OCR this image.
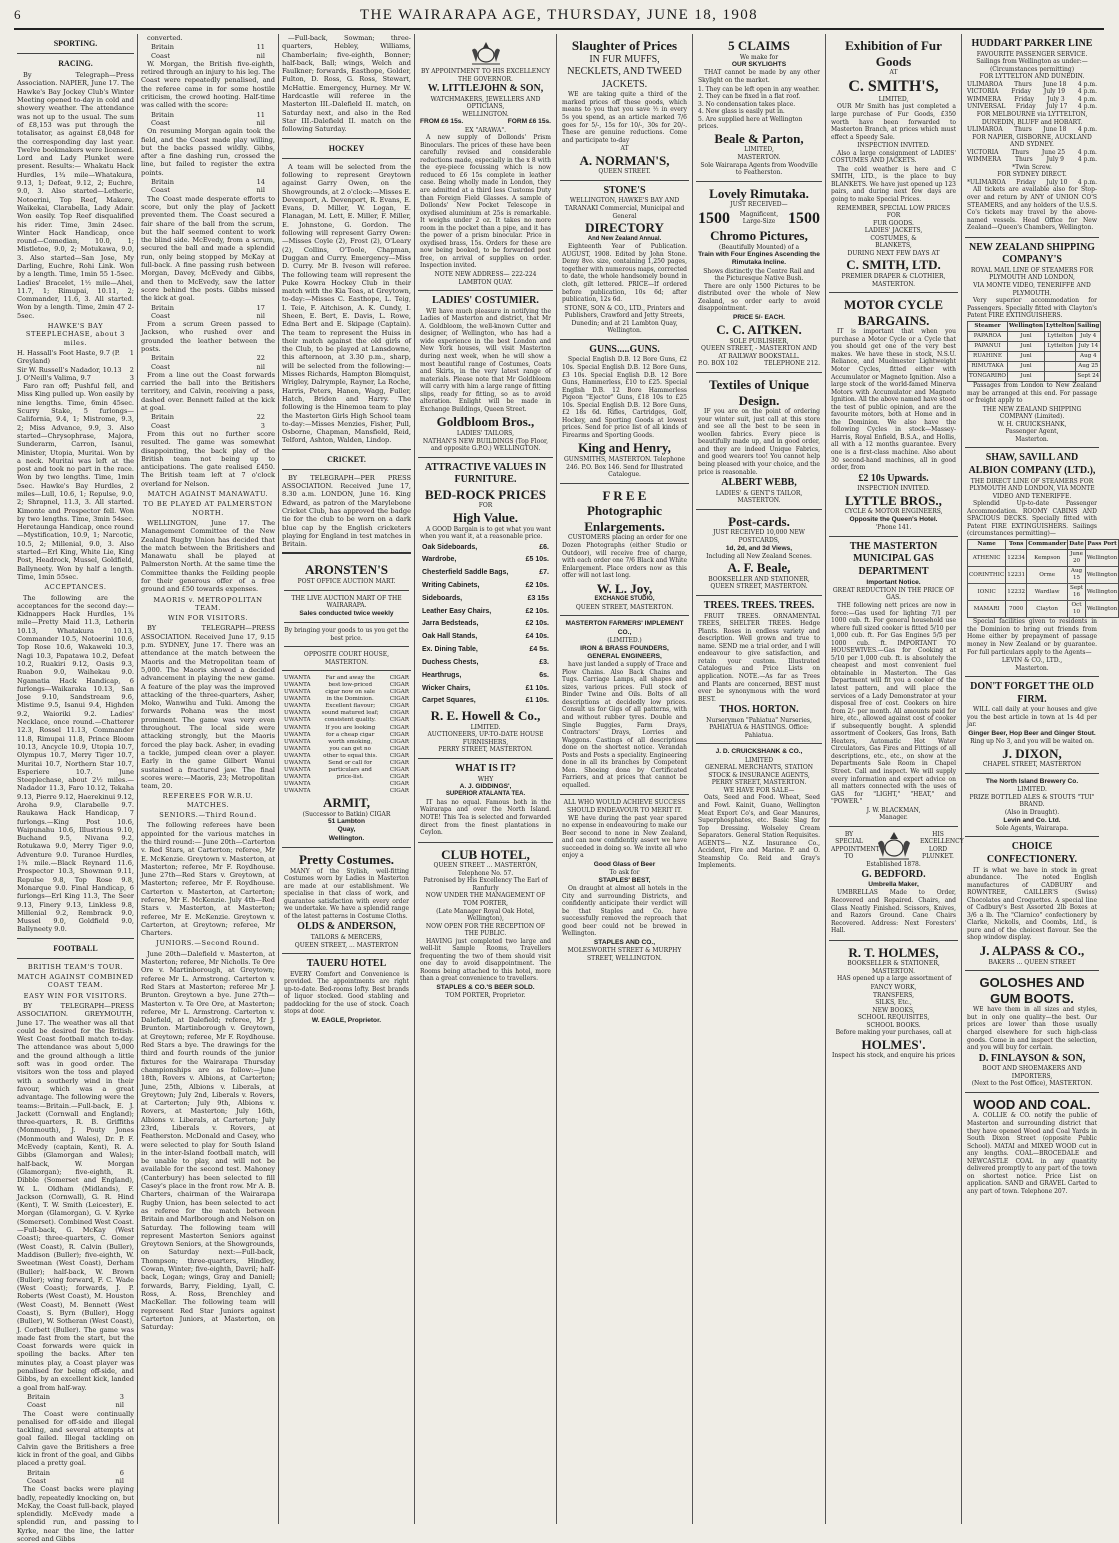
6	THE WAIRARAPA AGE, THURSDAY, JUNE 18, 1908
SPORTING.
RACING.
By Telegraph—Press Association. NAPIER, June 17. The Hawke's Bay Jockey Club's Winter Meeting opened to-day in cold and showery weather. The attendance was not up to the usual. The sum of £8,153 was put through the totalisator, as against £8,048 for the corresponding day last year. Twelve bookmakers were licensed. Lord and Lady Plunket were present. Results:— Whakatu Hack Hurdles, 1¾ mile—Whatakura, 9.13, 1; Defeat, 9.12, 2; Euchre, 9.0, 3. Also started—Letheric, Notoerini, Top Reef, Makere, Waikekai, Clarabella, Lady Adair. Won easily. Top Reef disqualified his rider. Time, 3min 24sec. Winter Hack Handicap, once round—Comedian, 10.0, 1; Mistletoe, 9.0, 2; Motukawa, 9.0, 3. Also started—San Jose, My Darling, Euchre, Rohi Link. Won by a length. Time, 1min 55 1-5sec. Ladies' Bracelet, 1½ mile—Ahei, 11.7, 1; Rimupai, 10.11, 2; Commander, 11.6, 3. All started. Won by a length. Time, 2min 47 2-5sec.
HAWKE'S BAY STEEPLECHASE, about 3 miles.
H. Hassall's Foot Haste, 9.7 (P. Greyland)
1
Sir W. Russell's Nadador, 10.13 2
J. O'Neill's Valima, 9.7	3
Faro ran off; Pushful fell, and Miss King pulled up. Won easily by nine lengths. Time, 6min 45sec. Scurry Stake, 5 furlongs—California, 9.4, 1; Mistrome, 9.3, 2; Miss Advance, 9.9, 3. Also started—Chrysophrase, Majora, Sunderarm, Carron, Isanui, Minister, Utopia, Muritai. Won by a neck. Muritai was left at the post and took no part in the race. Won by two lengths. Time, 1min 5sec. Hawke's Bay Hurdles, 2 miles—Lull, 10.6, 1; Repulse, 9.0, 2; Shrapnel, 11.3, 3. All started. Kimonte and Prospector fell. Won by two lengths. Time, 3min 54sec. Heretaunga Handicap, once round—Mystification, 10.9, 1; Narcotic, 10.5, 2; Millenial, 9.0, 3. Also started—Erl King, White Lie, King Post, Headrock, Mussel, Goldfield, Ballyneety. Won by half a length. Time, 1min 55sec.
ACCEPTANCES.
The following are the acceptances for the second day:— Kidnappers Hack Hurdles, 1¾ mile—Pretty Maid 11.3, Letherin 10.13, Whatakura 10.13, Commander 10.5, Notoerini 10.6, Top Rose 10.6, Wakaweki 10.3, Nagi 10.3, Papatawa 10.2, Defeat 10.2, Ruakiri 9.12, Oasis 9.3, Ruabon 9.0, Waihekau 9.0. Ngamatia Hack Handicap, 6 furlongs—Waikaraka 10.13, San Jose 9.10, Sandstream 9.6, Mistime 9.5, Isanui 9.4, Highden 9.2, Waioriki 9.2. Ladies' Necklace, once round.—Chatterer 12.3, Rossel 11.13, Commander 11.8, Rimupai 11.8, Prince Bloom 10.13, Ancycle 10.9, Utopia 10.7, Olympus 10.7, Merry Tiger 10.7, Muritai 10.7, Northern Star 10.7, Esperiere 10.7. June Steeplechase, about 2½ miles.—Nadador 11.3, Faro 10.12, Tekaha 9.13, Pierre 9.12, Haerekinui 9.12, Aroha 9.9, Clarabelle 9.7. Raukawa Hack Handicap, 7 furlongs.—King Post 10.6, Waipunahu 10.6, Illustrious 9.10, Buchand 9.5, Nivana 9.2, Rotukawa 9.0, Merry Tiger 9.0, Adventure 9.0. Turanoe Hurdles, 1¾ mile.—Black Reynard 11.6, Prospector 10.3, Showman 9.11, Repulse 9.8, Top Rose 9.8, Monarque 9.0. Final Handicap, 6 furlongs—Erl King 11.3, The Seer 9.13, Finery 9.13, Linkless 9.8, Millenial 9.2, Rembrack 9.0, Mussel 9.0, Goldfield 9.0, Ballyneety 9.0.
FOOTBALL
BRITISH TEAM'S TOUR.
MATCH AGAINST COMBINED COAST TEAM.
EASY WIN FOR VISITORS.
BY TELEGRAPH—PRESS ASSOCIATION. GREYMOUTH, June 17. The weather was all that could be desired for the British-West Coast football match to-day. The attendance was about 5,000 and the ground although a little soft was in good order. The visitors won the toss and played with a southerly wind in their favour, which was a great advantage. The following were the teams:—Britain.—Full-back, E. J. Jackett (Cornwall and England); three-quarters, R. B. Griffiths (Monmouth), J. Pouty Jones (Monmouth and Wales), Dr. P. F. McEvedy (captain, Kent), R. A. Gibbs (Glamorgan and Wales); half-back, W. Morgan (Glamorgan); five-eighth, R. Dibble (Somerset and England), W. L. Oldham (Midlands), F. Jackson (Cornwall), G. R. Hind (Kent), T. W. Smith (Leicester), E. Morgan (Glamorgan), G. V. Kyrke (Somerset). Combined West Coast.—Full-back, G. McKay (West Coast); three-quarters, C. Gomer (West Coast), R. Calvin (Buller), Maddison (Buller); five-eighth, W. Sweetman (West Coast), Derham (Buller); half-back, W. Brown (Buller); wing forward, F. C. Wade (West Coast); forwards, J. P. Roberts (West Coast), M. Houston (West Coast), M. Bennett (West Coast), S. Byrn (Buller), Hogg (Buller), W. Sotheran (West Coast), J. Corbett (Buller). The game was made fast from the start, but the Coast forwards were quick in spoiling the backs. After ten minutes play, a Coast player was penalised for being off-side, and Gibbs, by an excellent kick, landed a goal from half-way.
Britain	3
Coast	nil
The Coast were continually penalised for off-side and illegal tackling, and several attempts at goal failed. Illegal tackling on Calvin gave the Britishers a free kick in front of the goal, and Gibbs placed a pretty goal.
Britain	6
Coast	nil
The Coast backs were playing badly, repeatedly knocking on, but McKay, the Coast full-back, played splendidly. McEvedy made a splendid run, and passing to Kyrke, near the line, the latter scored and Gibbs
converted.
Britain	11
Coast	nil
W. Morgan, the British five-eighth, retired through an injury to his leg. The Coast were repeatedly penalised, and the referee came in for some hostile criticism, the crowd hooting. Half-time was called with the score:
Britain	11
Coast	nil
On resuming Morgan again took the field, and the Coast made play willing, but the backs passed wildly. Gibbs, after a fine dashing run, crossed the line, but failed to register the extra points.
Britain	14
Coast	nil
The Coast made desperate efforts to score, but only the play of Jackett prevented them. The Coast secured a fair share of the ball from the scrum, but the half seemed content to work the blind side. McEvedy, from a scrum, secured the ball and made a splendid run, only being stopped by McKay at full-back. A fine passing rush between Morgan, Davey, McEvedy and Gibbs, and then to McEvedy, saw the latter score behind the posts. Gibbs missed the kick at goal.
Britain	17
Coast	nil
From a scrum Green passed to Jackson, who rushed over and grounded the leather between the posts.
Britain	22
Coast	nil
From a line out the Coast forwards carried the ball into the Britishers territory, and Calvin, receiving a pass, dashed over. Bennett failed at the kick at goal.
Britain	22
Coast	3
From this out no further score resulted. The game was somewhat disappointing, the back play of the British team not being up to anticipations. The gate realised £450. The British team left at 7 o'clock overland for Nelson.
MATCH AGAINST MANAWATU.
TO BE PLAYED AT PALMERSTON NORTH.
WELLINGTON, June 17. The Management Committee of the New Zealand Rugby Union has decided that the match between the Britishers and Manawatu shall be played at Palmerston North. At the same time the Committee thanks the Feilding people for their generous offer of a free ground and £50 towards expenses.
MAORIS v. METROPOLITAN TEAM.
WIN FOR VISITORS.
BY TELEGRAPH—PRESS ASSOCIATION. Received June 17, 9.15 p.m. SYDNEY, June 17. There was an attendance at the match between the Maoris and the Metropolitan team of 5,000. The Maoris showed a decided advancement in playing the new game. A feature of the play was the improved attacking of the three-quarters, Asher, Moko, Wanwihu and Tuki. Among the forwards Pohana was the most prominent. The game was very even throughout. The local side were attacking strongly, but the Maoris forced the play back. Asher, in evading a tackle, jumped clean over a player. Early in the game Gilbert Wanui sustained a fractured jaw. The final scores were:—Maoris, 23; Metropolitan team, 20.
REFEREES FOR W.R.U. MATCHES.
SENIORS.—Third Round.
The following referees have been appointed for the various matches in the third round:— June 20th—Carterton v. Red Stars, at Carterton; referee, Mr E. McKenzie. Greytown v. Masterton, at Masterton; referee, Mr F. Roydhouse. June 27th—Red Stars v. Greytown, at Masterton; referee, Mr F. Roydhouse. Carterton v. Masterton, at Carterton; referee, Mr E. McKenzie. July 4th—Red Stars v. Masterton, at Masterton; referee, Mr E. McKenzie. Greytown v. Carterton, at Greytown; referee, Mr Charters.
JUNIORS.—Second Round.
June 20th—Dalefield v. Masterton, at Masterton; referee, Mr Nicholls. Te Ore Ore v. Martinborough, at Greytown; referee Mr L. Armstrong. Carterton v. Red Stars at Masterton; referee Mr J. Brunton. Greytown a bye. June 27th—Masterton v. Te Ore Ore, at Masterton; referee, Mr L. Armstrong. Carterton v. Dalefield, at Dalefield; referee, Mr J. Brunton. Martinborough v. Greytown, at Greytown; referee, Mr F. Roydhouse. Red Stars a bye. The drawings for the third and fourth rounds of the junior fixtures for the Wairarapa Thursday championships are as follow:—June 18th, Rovers v. Albions, at Carterton; June, 25th, Albions v. Liberals, at Greytown; July 2nd, Liberals v. Rovers, at Carterton; July 9th, Albions v. Rovers, at Masterton; July 16th, Albions v. Liberals, at Carterton; July 23rd, Liberals v. Rovers, at Featherston. McDonald and Casey, who were selected to play for South Island in the inter-Island football match, will be unable to play, and will not be available for the second test. Mahoney (Canterbury) has been selected to fill Casey's place in the front row. Mr A. B. Charters, chairman of the Wairarapa Rugby Union, has been selected to act as referee for the match between Britain and Marlborough and Nelson on Saturday. The following team will represent Masterton Seniors against Greytown Seniors, at the Showgrounds, on Saturday next:—Full-back, Thompson; three-quarters, Hindley, Cowan, Winter; five-eighth, Davril; half-back, Logan; wings, Gray and Daniell; forwards, Barry, Fielding, Lyall, C. Ross, A. Ross, Brenchley and MacKellar. The following team will represent Red Star Juniors against Carterton Juniors, at Masterton, on Saturday:
—Full-back, Sowman; three-quarters, Hebley, Williams, Chamberlain; five-eighth, Bonner; half-back, Ball; wings, Welch and Faulkner; forwards, Easthope, Golder, Fulton, D. Ross, G. Ross, Stewart, McHattie. Emergency, Hurney. Mr W. Hardcastle will referee in the Masterton III.-Dalefield II. match, on Saturday next, and also in the Red Star III.-Dalefield II. match on the following Saturday.
HOCKEY
A team will be selected from the following to represent Greytown against Garry Owen, on the Showgrounds, at 2 o'clock:—Misses E. Devenport, A. Devenport, R. Evans, E. Evans, D. Miller, W. Logan, E. Flanagan, M. Lett, E. Miller, F. Miller, E. Johnstone, G. Gordon. The following will represent Garry Owen:—Misses Coyle (2), Frost (2), O'Leary (2), Collins, O'Toole, Chapman, Duggan and Curry. Emergency—Miss D. Curry. Mr B. Iveson will referee. The following team will represent the Puke Kowra Hockey Club in their match with the Kia Toas, at Greytown, to-day:—Misses C. Easthope, L. Teig, I. Teie, F. Aitchison, A. K. Cundy, I. Sheen, E. Bert, E. Davis, L. Rowe, Edna Bert and E. Skipage (Captain). The team to represent the Huiss in their match against the old girls of the Club, to be played at Lansdowne, this afternoon, at 3.30 p.m., sharp, will be selected from the following:—Misses Richards, Hampton Blomquist, Wrigley, Dalrymple, Rayner, La Roche, Harris, Peters, Hanen, Wagg, Fuller, Hatch, Briden and Harry. The following is the Hinemoa team to play the Masterton Girls High School team to-day:—Misses Menzies, Fisher, Pull, Osborne, Chapman, Mansfield, Reid, Telford, Ashton, Walden, Lindop.
CRICKET.
BY TELEGRAPH—PER PRESS ASSOCIATION. Received June 17, 8.30 a.m. LONDON, June 16. King Edward, as patron of the Marylebone Cricket Club, has approved the badge tie for the club to be worn on a dark blue cap by the English cricketers playing for England in test matches in Britain.
ARONSTEN'S
POST OFFICE AUCTION MART.
THE LIVE AUCTION MART OF THE WAIRARAPA.
Sales conducted twice weekly
By bringing your goods to us you get the best price.
OPPOSITE COURT HOUSE, MASTERTON.
UWANTA	Far and away the	CIGAR
UWANTA	best low-priced	CIGAR
UWANTA	cigar now on sale	CIGAR
UWANTA	in the Dominion.	CIGAR
UWANTA	Excellent flavour;	CIGAR
UWANTA	sound matured leaf;	CIGAR
UWANTA	consistent quality.	CIGAR
UWANTA	If you are looking	CIGAR
UWANTA	for a cheap cigar	CIGAR
UWANTA	worth smoking,	CIGAR
UWANTA	you can get no	CIGAR
UWANTA	other to equal this.	CIGAR
UWANTA	Send or call for	CIGAR
UWANTA	particulars and	CIGAR
UWANTA	price-list.	CIGAR
UWANTA	CIGAR
UWANTA	CIGAR
ARMIT,
(Successor to Batkin) CIGAR
51 Lambton
Quay,
Wellington.
Pretty Costumes.
MANY of the Stylish, well-fitting Costumes worn by Ladies in Masterton are made at our establishment. We specialise in that class of work, and guarantee satisfaction with every order we undertake. We have a splendid range of the latest patterns in Costume Cloths.
OLDS & ANDERSON,
TAILORS & MERCERS,
QUEEN STREET, ... MASTERTON
TAUERU HOTEL
EVERY Comfort and Convenience is provided. The appointments are right up-to-date. Bed-rooms lofty. Best brands of liquor stocked. Good stabling and paddocking for the use of stock. Coach stops at door.
W. EAGLE, Proprietor.
BY APPOINTMENT TO HIS EXCELLENCY THE GOVERNOR.
W. LITTLEJOHN & SON,
WATCHMAKERS, JEWELLERS AND OPTICIANS,
WELLINGTON.
FROM £6 15s.	FORM £6 15s.
EX "ARAWA".
A new supply of Dollonds' Prism Binoculars. The prices of these have been carefully revised and considerable reductions made, especially in the x 8 with the eye-piece focussing which is now reduced to £6 15s complete in leather case. Being wholly made in London, they are admitted at a third less Customs Duty than Foreign Field Glasses. A sample of Dollonds' New Pocket Telescope in oxydised aluminium at 25s is remarkable. It weighs under 2 oz. It takes no more room in the pocket than a pipe, and it has the power of a prism binocular. Price in oxydised brass, 15s. Orders for these are now being booked, to be forwarded post free, on arrival of supplies on order. Inspection invited.
NOTE NEW ADDRESS— 222-224 LAMBTON QUAY.
LADIES' COSTUMIER.
WE have much pleasure in notifying the Ladies of Masterton and district, that Mr A. Goldbloom, the well-known Cutter and designer, of Wellington, who has had a wide experience in the best London and New York houses, will visit Masterton during next week, when he will show a most beautiful range of Costumes, Coats and Skirts, in the very latest range of materials. Please note that Mr Goldbloom will carry with him a large range of fitting slips, ready for fitting, so as to avoid alteration. Enlight will be made in Exchange Buildings, Queen Street.
Goldbloom Bros.,
LADIES' TAILORS,
NATHAN'S NEW BUILDINGS (Top Floor, and opposite G.P.O.) WELLINGTON.
ATTRACTIVE VALUES IN FURNITURE.
BED-ROCK PRICES
FOR
High Value.
A GOOD Bargain is to get what you want when you want it, at a reasonable price.
Oak Sideboards,	£6.
Wardrobe,	£5 10s.
Chesterfield Saddle Bags,	£7.
Writing Cabinets,	£2 10s.
Sideboards,	£3 15s
Leather Easy Chairs,	£2 10s.
Jarra Bedsteads,	£2 10s.
Oak Hall Stands,	£4 10s.
Ex. Dining Table,	£4 5s.
Duchess Chests,	£3.
Hearthrugs,	6s.
Wicker Chairs,	£1 10s.
Carpet Squares,	£1 10s.
R. E. Howell & Co.,
LIMITED.
AUCTIONEERS, UP-TO-DATE HOUSE FURNISHERS,
PERRY STREET, MASTERTON.
WHAT IS IT?
WHY
A. J. GIDDINGS',
SUPERIOR ATALANTA TEA.
IT has no equal. Famous both in the Wairarapa and over the North Island. NOTE! This Tea is selected and forwarded direct from the finest plantations in Ceylon.
CLUB HOTEL,
QUEEN STREET ... MASTERTON, Telephone No. 57.
Patronised by His Excellency The Earl of Ranfurly
NOW UNDER THE MANAGEMENT OF TOM PORTER,
(Late Manager Royal Oak Hotel, Wellington),
NOW OPEN FOR THE RECEPTION OF THE PUBLIC.
HAVING just completed two large and well-lit Sample Rooms, Travellers frequenting the two of them should visit one day to avoid disappointment. The Rooms being attached to this hotel, more than a great convenience to travellers.
STAPLES & CO.'S BEER SOLD.
TOM PORTER, Proprietor.
Slaughter of Prices
IN FUR MUFFS, NECKLETS, AND TWEED JACKETS.
WE are taking quite a third of the marked prices off these goods, which means to you that you save ½ in every 5s you spend, as an article marked 7/6 goes for 5/-, 15s for 10/-, 30s for 20/-. These are genuine reductions. Come and participate to-day
AT
A. NORMAN'S,
QUEEN STREET.
STONE'S
WELLINGTON, HAWKE'S BAY AND TARANAKI Commercial, Municipal and General
DIRECTORY
And New Zealand Annual.
Eighteenth Year of Publication. AUGUST, 1908. Edited by John Stone. Demy 8vo. size, containing 1,250 pages, together with numerous maps, corrected to date, the whole handsomely bound in cloth, gilt lettered. PRICE—If ordered before publication, 10s 6d; after publication, 12s 6d.
STONE, SON & CO., LTD., Printers and Publishers, Crawford and Jetty Streets, Dunedin; and at 21 Lambton Quay, Wellington.
GUNS.....GUNS.
Special English D.B. 12 Bore Guns, £2 10s. Special English D.B. 12 Bore Guns, £3 10s. Special English D.B. 12 Bore Guns, Hammerless, £10 to £25. Special English D.B. 12 Bore Hammerless Pigeon "Ejector" Guns, £18 10s to £25 10s. Special English D.B. 12 Bore Guns, £2 18s 6d. Rifles, Cartridges, Golf, Hockey, and Sporting Goods at lowest prices. Send for price list of all kinds of Firearms and Sporting Goods.
King and Henry,
GUNSMITHS, MASTERTON. Telephone 246. P.O. Box 146. Send for Illustrated Catalogue.
F R E E
Photographic Enlargements.
CUSTOMERS placing an order for one Dozen Photographs (either Studio or Outdoor), will receive free of charge, with each order one 7/6 Black and White Enlargement. Place orders now as this offer will not last long.
W. L. Joy,
EXCHANGE STUDIO,
QUEEN STREET, MASTERTON.
MASTERTON FARMERS' IMPLEMENT CO.,
(LIMITED.)
IRON & BRASS FOUNDERS,
GENERAL ENGINEERS,
have just landed a supply of Trace and Plow Chains. Also Back Chains and Tugs. Carriage Lamps, all shapes and sizes, various prices. Full stock of Binder Twine and Oils. Bolts of all descriptions at decidedly low prices. Consult us for Gigs of all patterns, with and without rubber tyres. Double and Single Buggies, Farm Drays, Contractors' Drays, Lorries and Waggons. Castings of all descriptions done on the shortest notice. Verandah Posts and Posts a speciality. Engineering done in all its branches by Competent Men. Shoeing done by Certificated Farriers, and at prices that cannot be equalled.
ALL WHO WOULD ACHIEVE SUCCESS SHOULD ENDEAVOUR TO MERIT IT.
WE have during the past year spared no expense in endeavouring to make our Beer second to none in New Zealand, and can now confidently assert we have succeeded in doing so. We invite all who enjoy a
Good Glass of Beer
To ask for
STAPLES' BEST,
On draught at almost all hotels in the City and surrounding Districts, and confidently anticipate their verdict will be that Staples and Co. have successfully removed the reproach that good beer could not be brewed in Wellington.
STAPLES AND CO.,
MOLESWORTH STREET & MURPHY STREET, WELLINGTON.
5 CLAIMS
We make for
OUR SKYLIGHTS
THAT cannot be made by any other Skylight on the market.
1. They can be left open in any weather.
2. They can be fixed in a flat roof.
3. No condensation takes place.
4. New glass is easily put in.
5. Are supplied here at Wellington prices.
Beale & Parton,
LIMITED,
MASTERTON.
Sole Wairarapa Agents from Woodville to Featherston.
Lovely Rimutaka.
JUST RECEIVED—
1500	Magnificent, Large-Size 1500
Chromo Pictures,
(Beautifully Mounted) of a
Train with Four Engines Ascending the Rimutaka Incline.
Shows distinctly the Centre Rail and the Picturesque Native Bush.
There are only 1500 Pictures to be distributed over the whole of New Zealand, so order early to avoid disappointment.
PRICE 5/- EACH.
C. C. AITKEN.
SOLE PUBLISHER,
QUEEN STREET, - MASTERTON AND AT RAILWAY BOOKSTALL.
P.O. BOX 102	TELEPHONE 212.
Textiles of Unique Design.
IF you are on the point of ordering your winter suit, just call at this store and see all the best to be seen in woollen fabrics. Every piece is beautifully made up, and in good order, and they are indeed Unique Fabrics, and good wearers too! You cannot help being pleased with your choice, and the price is reasonable.
ALBERT WEBB,
LADIES' & GENT'S TAILOR,
MASTERTON.
Post-cards.
JUST RECEIVED 10,000 NEW POSTCARDS,
1d, 2d, and 3d Views,
Including all New Zealand Scenes.
A. F. Beale,
BOOKSELLER AND STATIONER,
QUEEN STREET, MASTERTON.
TREES. TREES. TREES.
FRUIT TREES. ORNAMENTAL TREES, SHELTER TREES. Hedge Plants. Roses in endless variety and description. Well grown and true to name. SEND me a trial order, and I will endeavour to give satisfaction, and retain your custom. Illustrated Catalogues and Price Lists on application. NOTE.—As far as Trees and Plants are concerned, BEST must ever be synonymous with the word BEST.
THOS. HORTON.
Nurserymen "Pahiatua" Nurseries, PAHIATUA & HASTINGS. Office: Pahiatua.
J. D. CRUICKSHANK & CO.,
LIMITED
GENERAL MERCHANTS, STATION STOCK & INSURANCE AGENTS, PERRY STREET, MASTERTON.
WE HAVE FOR SALE—
Oats, Seed and Food. Wheat, Seed and Fowl. Kainit, Guano, Wellington Meat Export Co's, and Gear Manures, Superphosphates, etc. Basic Slag for Top Dressing. Wolseley Cream Separators. General Station Requisites. AGENTS— N.Z. Insurance Co., Accident, Fire and Marine. P. and O. Steamship Co. Reid and Gray's Implements.
Exhibition of Fur Goods
AT
C. SMITH'S,
LIMITED,
OUR Mr Smith has just completed a large purchase of Fur Goods, £350 worth have been forwarded to Masterton Branch, at prices which must effect a Speedy Sale.
INSPECTION INVITED.
Also a large consignment of LADIES' COSTUMES AND JACKETS.
The cold weather is here and C SMITH, LTD., is the place to buy BLANKETS. We have just opened up 123 pairs, and during next few days are going to make Special Prices.
REMEMBER, SPECIAL LOW PRICES
FOR
FUR GOODS.
LADIES' JACKETS,
COSTUMES, &
BLANKETS,
DURING NEXT FEW DAYS AT
C. SMITH, LTD.
PREMIER DRAPER & CLOTHIER,
MASTERTON.
MOTOR CYCLE BARGAINS.
IT is important that when you purchase a Motor Cycle or a Cycle that you should get one of the very best makes. We have these in stock, N.S.U. Reliance, and Muelmester Lightweight Motor Cycles, fitted either with Accumulator or Magneto Ignition. Also a large stock of the world-famed Minerva Motors with Accumulator and Magneto Ignition. All the above named have stood the test of public opinion, and are the favourite motors, both at Home and in the Dominion. We also have the following Cycles in stock—Massey-Harris, Royal Enfield, B.S.A., and Hollis, all with a 12 months guarantee. Every one is a first-class machine. Also about 30 second-hand machines, all in good order, from
£2 10s Upwards.
INSPECTION INVITED.
LYTTLE BROS.,
CYCLE & MOTOR ENGINEERS,
Opposite the Queen's Hotel.
'Phone 141.
THE MASTERTON MUNICIPAL GAS DEPARTMENT
Important Notice.
GREAT REDUCTION IN THE PRICE OF GAS.
THE following nett prices are now in force:—Gas used for lighting 7/1 per 1000 cub. ft. For general household use where full sized cooker is fitted 5/10 per 1,000 cub. ft. For Gas Engines 5/5 per 1000 cub. ft. IMPORTANT TO HOUSEWIVES.—Gas for Cooking at 5/10 per 1,000 cub. ft. is absolutely the cheapest and most convenient fuel obtainable in Masterton. The Gas Department will fit you a cooker of the latest pattern, and will place the services of a Lady Demonstrator at your disposal free of cost. Cookers on hire from 2/- per month. All amounts paid for hire, etc., allowed against cost of cooker if subsequently bought. A splendid assortment of Cookers, Gas Irons, Bath Heaters, Automatic Hot Water Circulators, Gas Fires and Fittings of all descriptions, etc., etc., on show at the Departments Sale Room in Chapel Street. Call and inspect. We will supply every information and expert advice on all matters connected with the uses of GAS for "LIGHT," "HEAT," and "POWER."
J. W. BLACKMAN,
Manager.
BY SPECIAL APPOINTMENT TO
HIS EXCELLENCY LORD PLUNKET.
Established 1878.
G. BEDFORD.
Umbrella Maker,
UMBRELLAS Made to Order, Recovered and Repaired. Chairs, and Glass Neatly Finished. Scissors, Knives, and Razors Ground. Cane Chairs Recovered. Address: Next Foresters' Hall.
R. T. HOLMES,
BOOKSELLER & STATIONER,
MASTERTON.
HAS opened up a large assortment of
FANCY WORK,
TRANSFERS,
SILKS, Etc.,
NEW BOOKS,
SCHOOL REQUISITES,
SCHOOL BOOKS.
Before making your purchases, call at
HOLMES'.
Inspect his stock, and enquire his prices
HUDDART PARKER LINE
FAVOURITE PASSENGER SERVICE.
Sailings from Wellington as under:—(Circumstances permitting)
FOR LYTTELTON AND DUNEDIN.
ULIMAROA Thurs June 18 4 p.m.
VICTORIA Friday July 19 4 p.m.
WIMMERA Friday July 3 4 p.m.
UNIVERSAL Friday July 17 4 p.m.
FOR MELBOURNE via LYTTELTON, DUNEDIN, BLUFF and HOBART.
ULIMAROA Thurs June 18 4 p.m.
FOR NAPIER, GISBORNE, AUCKLAND AND SYDNEY.
VICTORIA Thurs June 25 4 p.m.
WIMMERA Thurs July 9 4 p.m.
*Twin Screw.
FOR SYDNEY DIRECT.
*ULIMAROA Friday July 10 4 p.m.
All tickets are available also for Stop-over and return by ANY of UNION CO'S STEAMERS, and any holders of the U.S.S. Co's tickets may travel by the above-named vessels. Head Office for New Zealand—Queen's Chambers, Wellington.
NEW ZEALAND SHIPPING COMPANY'S
ROYAL MAIL LINE OF STEAMERS FOR PLYMOUTH AND LONDON,
VIA MONTE VIDEO, TENERIFFE AND PLYMOUTH.
Very superior accommodation for Passengers. Specially fitted with Clayton's Patent FIRE EXTINGUISHERS.
Steamer	Wellington	Lyttelton	Sailing
PAPAROA	Junl	Lyttelton	July 4
PAPANUI	Junl	Lyttelton	July 14
RUAHINE	Junl		Aug 4
RIMUTAKA	Junl		Aug 25
TONGARIRO	Junl		Sept 24
Passages from London to New Zealand may be arranged at this end. For passage or freight apply to
THE NEW ZEALAND SHIPPING COMPANY (Limited).
W. H. CRUICKSHANK,
Passenger Agent,
Masterton.
SHAW, SAVILL AND ALBION COMPANY (LTD.),
THE DIRECT LINE OF STEAMERS FOR PLYMOUTH AND LONDON, VIA MONTE VIDEO AND TENERIFFE.
Splendid Up-to-date Passenger Accommodation. ROOMY CABINS AND SPACIOUS DECKS. Specially fitted with Patent FIRE EXTINGUISHERS. Sailings (circumstances permitting)—
Name	Tons	Commander	Date	Pass Port
ATHENIC	12234	Kempson	June 20	Wellington
CORINTHIC	12231	Orme	Aug 15	Wellington
IONIC	12232	Wardlaw	Sept 16	Wellington
MAMARI	7000	Clayton	Oct 10	Wellington
Special facilities given to residents in the Dominion to bring out friends from Home either by prepayment of passage money in New Zealand or by guarantee. For full particulars apply to the Agents—
LEVIN & CO., LTD.,
Masterton.
DON'T FORGET THE OLD FIRM.
WILL call daily at your houses and give you the best article in town at 1s 4d per jar.
Ginger Beer, Hop Beer and Ginger Stout.
Ring up No 3, and you will be waited on.
J. DIXON,
CHAPEL STREET, MASTERTON
The North Island Brewery Co.
LIMITED.
PRIZE BOTTLED ALES & STOUTS "TUI" BRAND.
(Also in Draught).
Levin and Co. Ltd.
Sole Agents, Wairarapa.
CHOICE CONFECTIONERY.
IT is what we have in stock in great abundance. The noted English manufactures of CADBURY and ROWNTREE, CAILLER'S (Swiss) Chocolates and Croquettes. A special line of Cadbury's Best Assorted 2lb Boxes at 3/6 a lb. The "Clarnico" confectionery by Clarke, Nickolls, and Coombs, Ltd., is pure and of the choicest flavour. See the shop window display.
J. ALPASS & CO.,
BAKERS ... QUEEN STREET
GOLOSHES AND GUM BOOTS.
WE have them in all sizes and styles, but in only one quality—the best. Our prices are lower than those usually charged elsewhere for such high-class goods. Come in and inspect the selection, and you will buy for certain.
D. FINLAYSON & SON,
BOOT AND SHOEMAKERS AND IMPORTERS,
(Next to the Post Office), MASTERTON.
WOOD AND COAL.
A. COLLIE & CO. notify the public of Masterton and surrounding district that they have opened Wood and Coal Yards in South Dixon Street (opposite Public School). MATAI and MIXED WOOD cut in any lengths. COAL—BROCEDALE and NEWCASTLE COAL in any quantity delivered promptly to any part of the town on shortest notice. Price List on application. SAND and GRAVEL Carted to any part of town. Telephone 207.
